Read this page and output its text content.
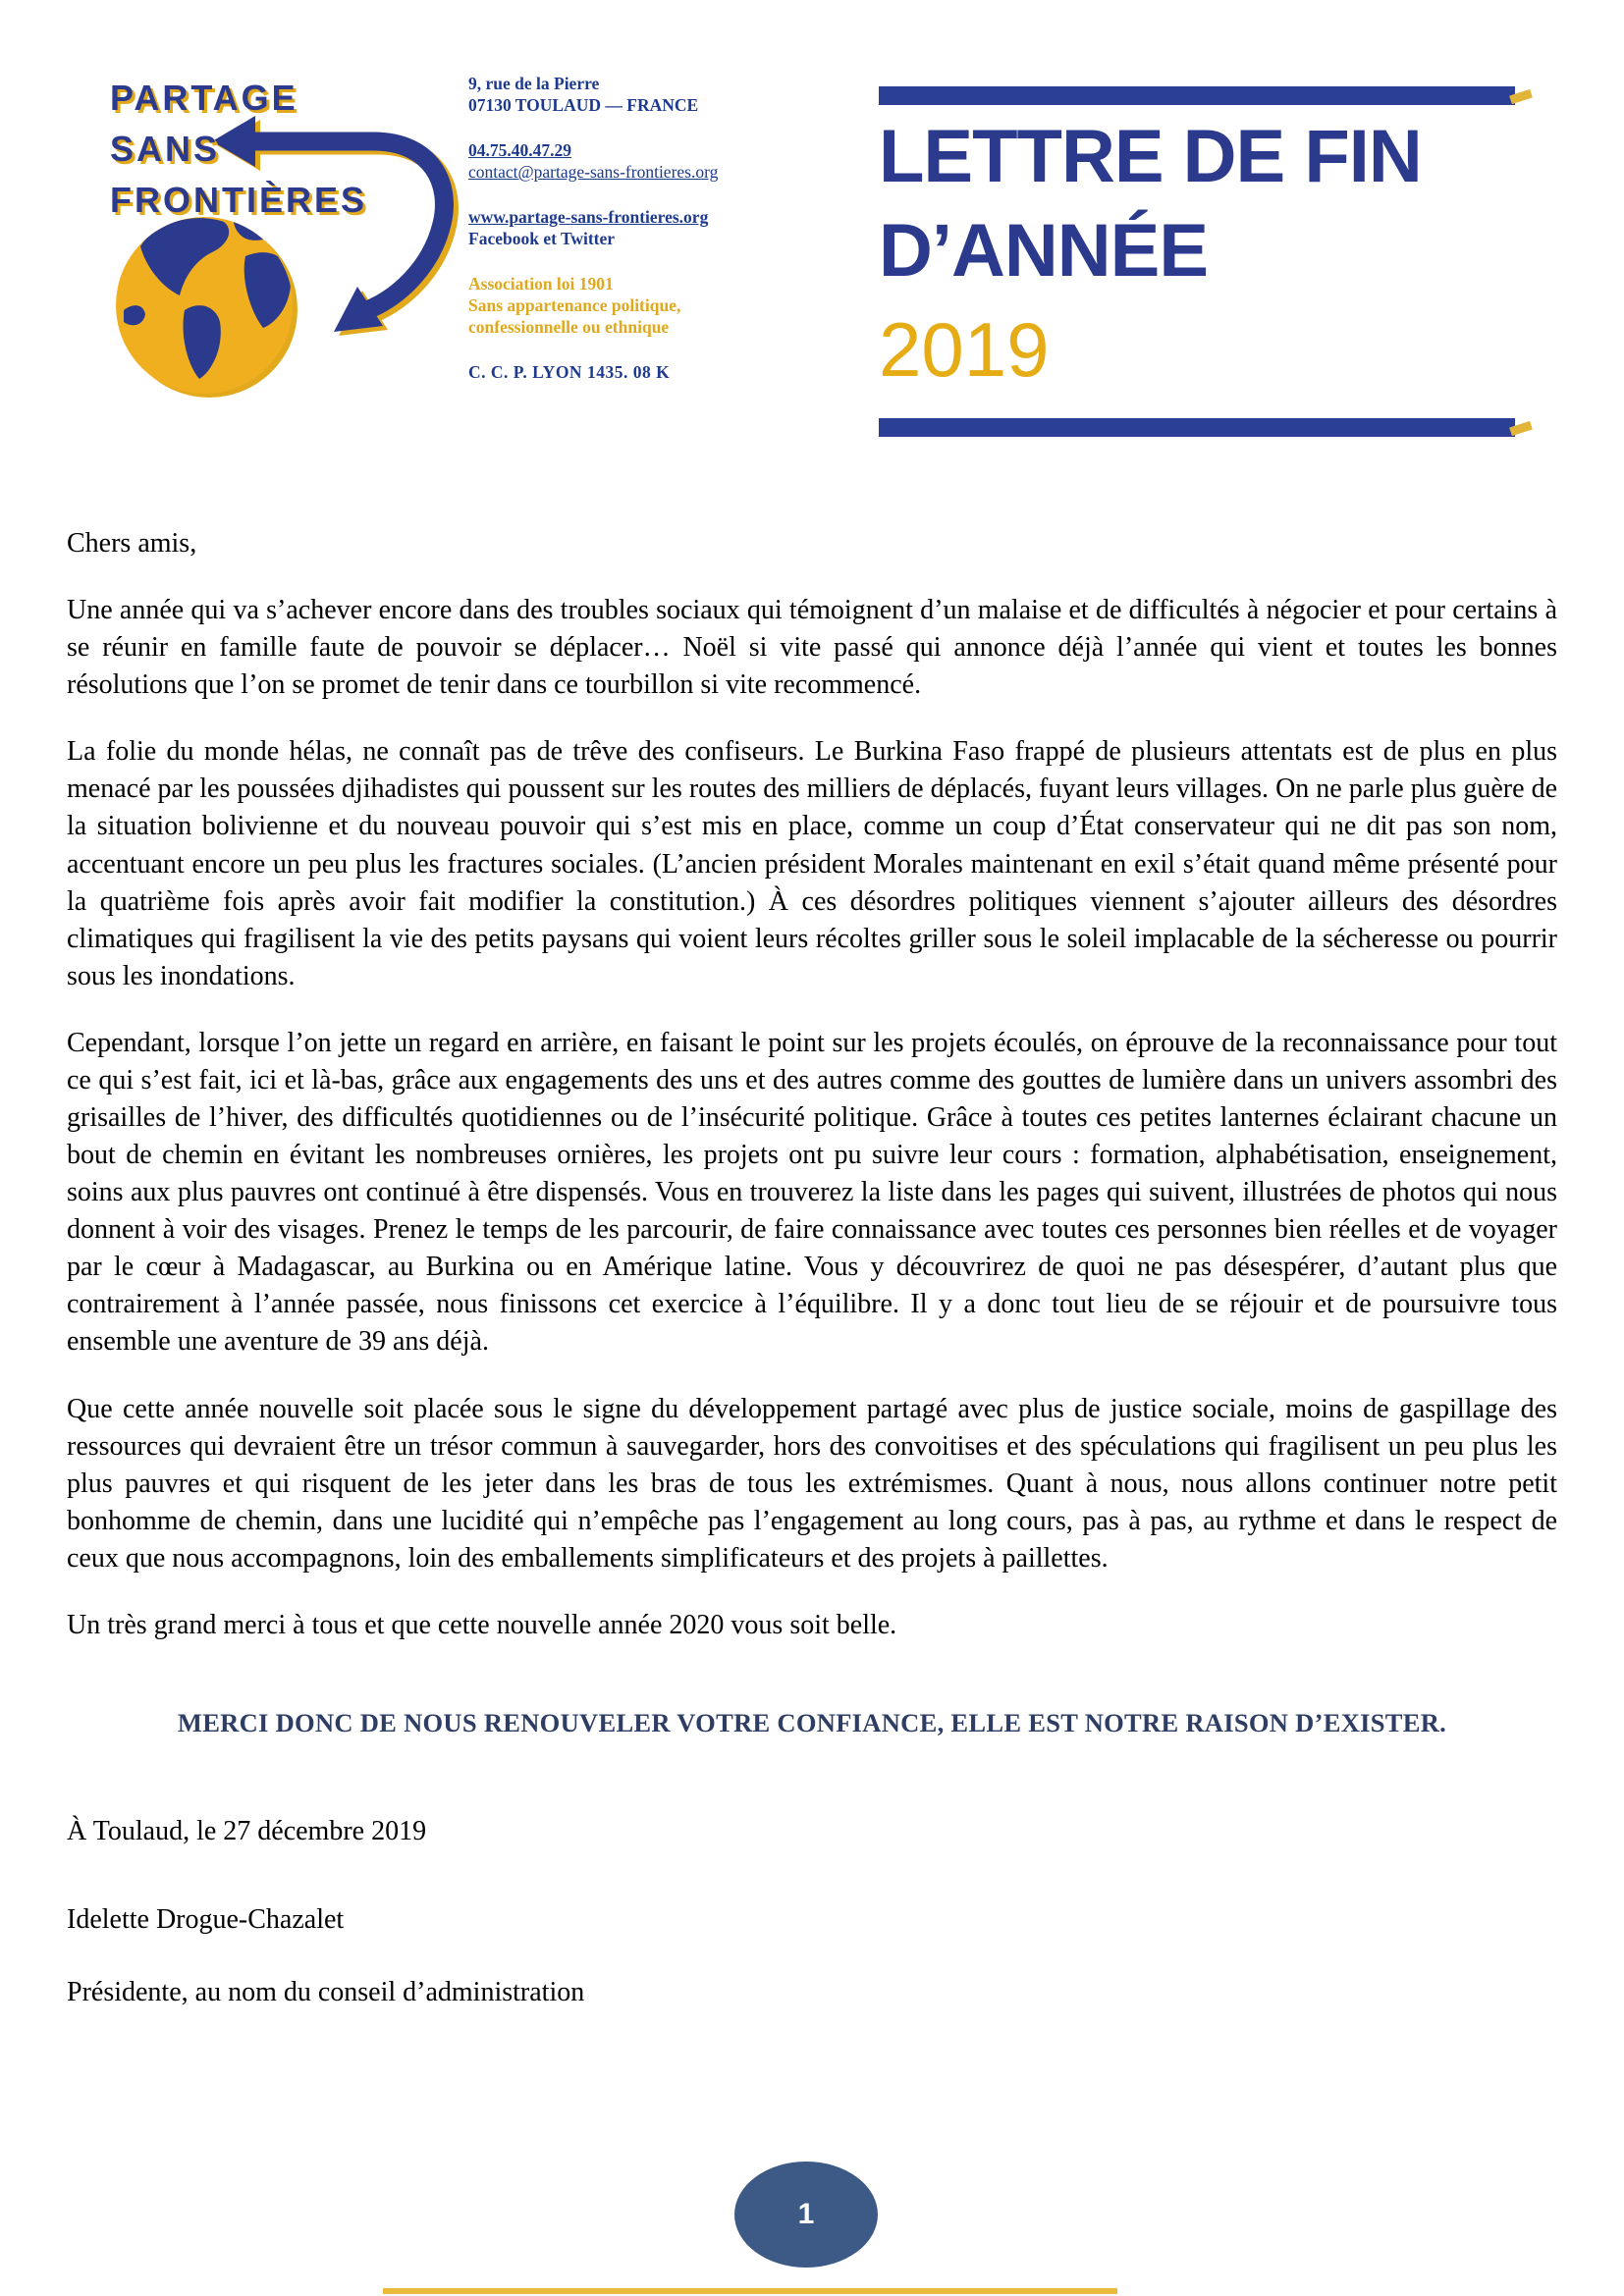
PARTAGE
SANS
FRONTIÈRES
9, rue de la Pierre
07130 TOULAUD — FRANCE
04.75.40.47.29
contact@partage-sans-frontieres.org
www.partage-sans-frontieres.org
Facebook et Twitter
Association loi 1901
Sans appartenance politique,
confessionnelle ou ethnique
C. C. P. LYON 1435. 08 K
LETTRE DE FIN
D’ANNÉE
2019

Chers amis,

Une année qui va s’achever encore dans des troubles sociaux qui témoignent d’un malaise et de difficultés à négocier et pour certains à se réunir en famille faute de pouvoir se déplacer… Noël si vite passé qui annonce déjà l’année qui vient et toutes les bonnes résolutions que l’on se promet de tenir dans ce tourbillon si vite recommencé.

La folie du monde hélas, ne connaît pas de trêve des confiseurs. Le Burkina Faso frappé de plusieurs attentats est de plus en plus menacé par les poussées djihadistes qui poussent sur les routes des milliers de déplacés, fuyant leurs villages. On ne parle plus guère de la situation bolivienne et du nouveau pouvoir qui s’est mis en place, comme un coup d’État conservateur qui ne dit pas son nom, accentuant encore un peu plus les fractures sociales. (L’ancien président Morales maintenant en exil s’était quand même présenté pour la quatrième fois après avoir fait modifier la constitution.) À ces désordres politiques viennent s’ajouter ailleurs des désordres climatiques qui fragilisent la vie des petits paysans qui voient leurs récoltes griller sous le soleil implacable de la sécheresse ou pourrir sous les inondations.

Cependant, lorsque l’on jette un regard en arrière, en faisant le point sur les projets écoulés, on éprouve de la reconnaissance pour tout ce qui s’est fait, ici et là-bas, grâce aux engagements des uns et des autres comme des gouttes de lumière dans un univers assombri des grisailles de l’hiver, des difficultés quotidiennes ou de l’insécurité politique. Grâce à toutes ces petites lanternes éclairant chacune un bout de chemin en évitant les nombreuses ornières, les projets ont pu suivre leur cours : formation, alphabétisation, enseignement, soins aux plus pauvres ont continué à être dispensés. Vous en trouverez la liste dans les pages qui suivent, illustrées de photos qui nous donnent à voir des visages. Prenez le temps de les parcourir, de faire connaissance avec toutes ces personnes bien réelles et de voyager par le cœur à Madagascar, au Burkina ou en Amérique latine. Vous y découvrirez de quoi ne pas désespérer, d’autant plus que contrairement à l’année passée, nous finissons cet exercice à l’équilibre. Il y a donc tout lieu de se réjouir et de poursuivre tous ensemble une aventure de 39 ans déjà.

Que cette année nouvelle soit placée sous le signe du développement partagé avec plus de justice sociale, moins de gaspillage des ressources qui devraient être un trésor commun à sauvegarder, hors des convoitises et des spéculations qui fragilisent un peu plus les plus pauvres et qui risquent de les jeter dans les bras de tous les extrémismes. Quant à nous, nous allons continuer notre petit bonhomme de chemin, dans une lucidité qui n’empêche pas l’engagement au long cours, pas à pas, au rythme et dans le respect de ceux que nous accompagnons, loin des emballements simplificateurs et des projets à paillettes.

Un très grand merci à tous et que cette nouvelle année 2020 vous soit belle.

MERCI DONC DE NOUS RENOUVELER VOTRE CONFIANCE, ELLE EST NOTRE RAISON D’EXISTER.

À Toulaud, le 27 décembre 2019

Idelette Drogue-Chazalet

Présidente, au nom du conseil d’administration

1
